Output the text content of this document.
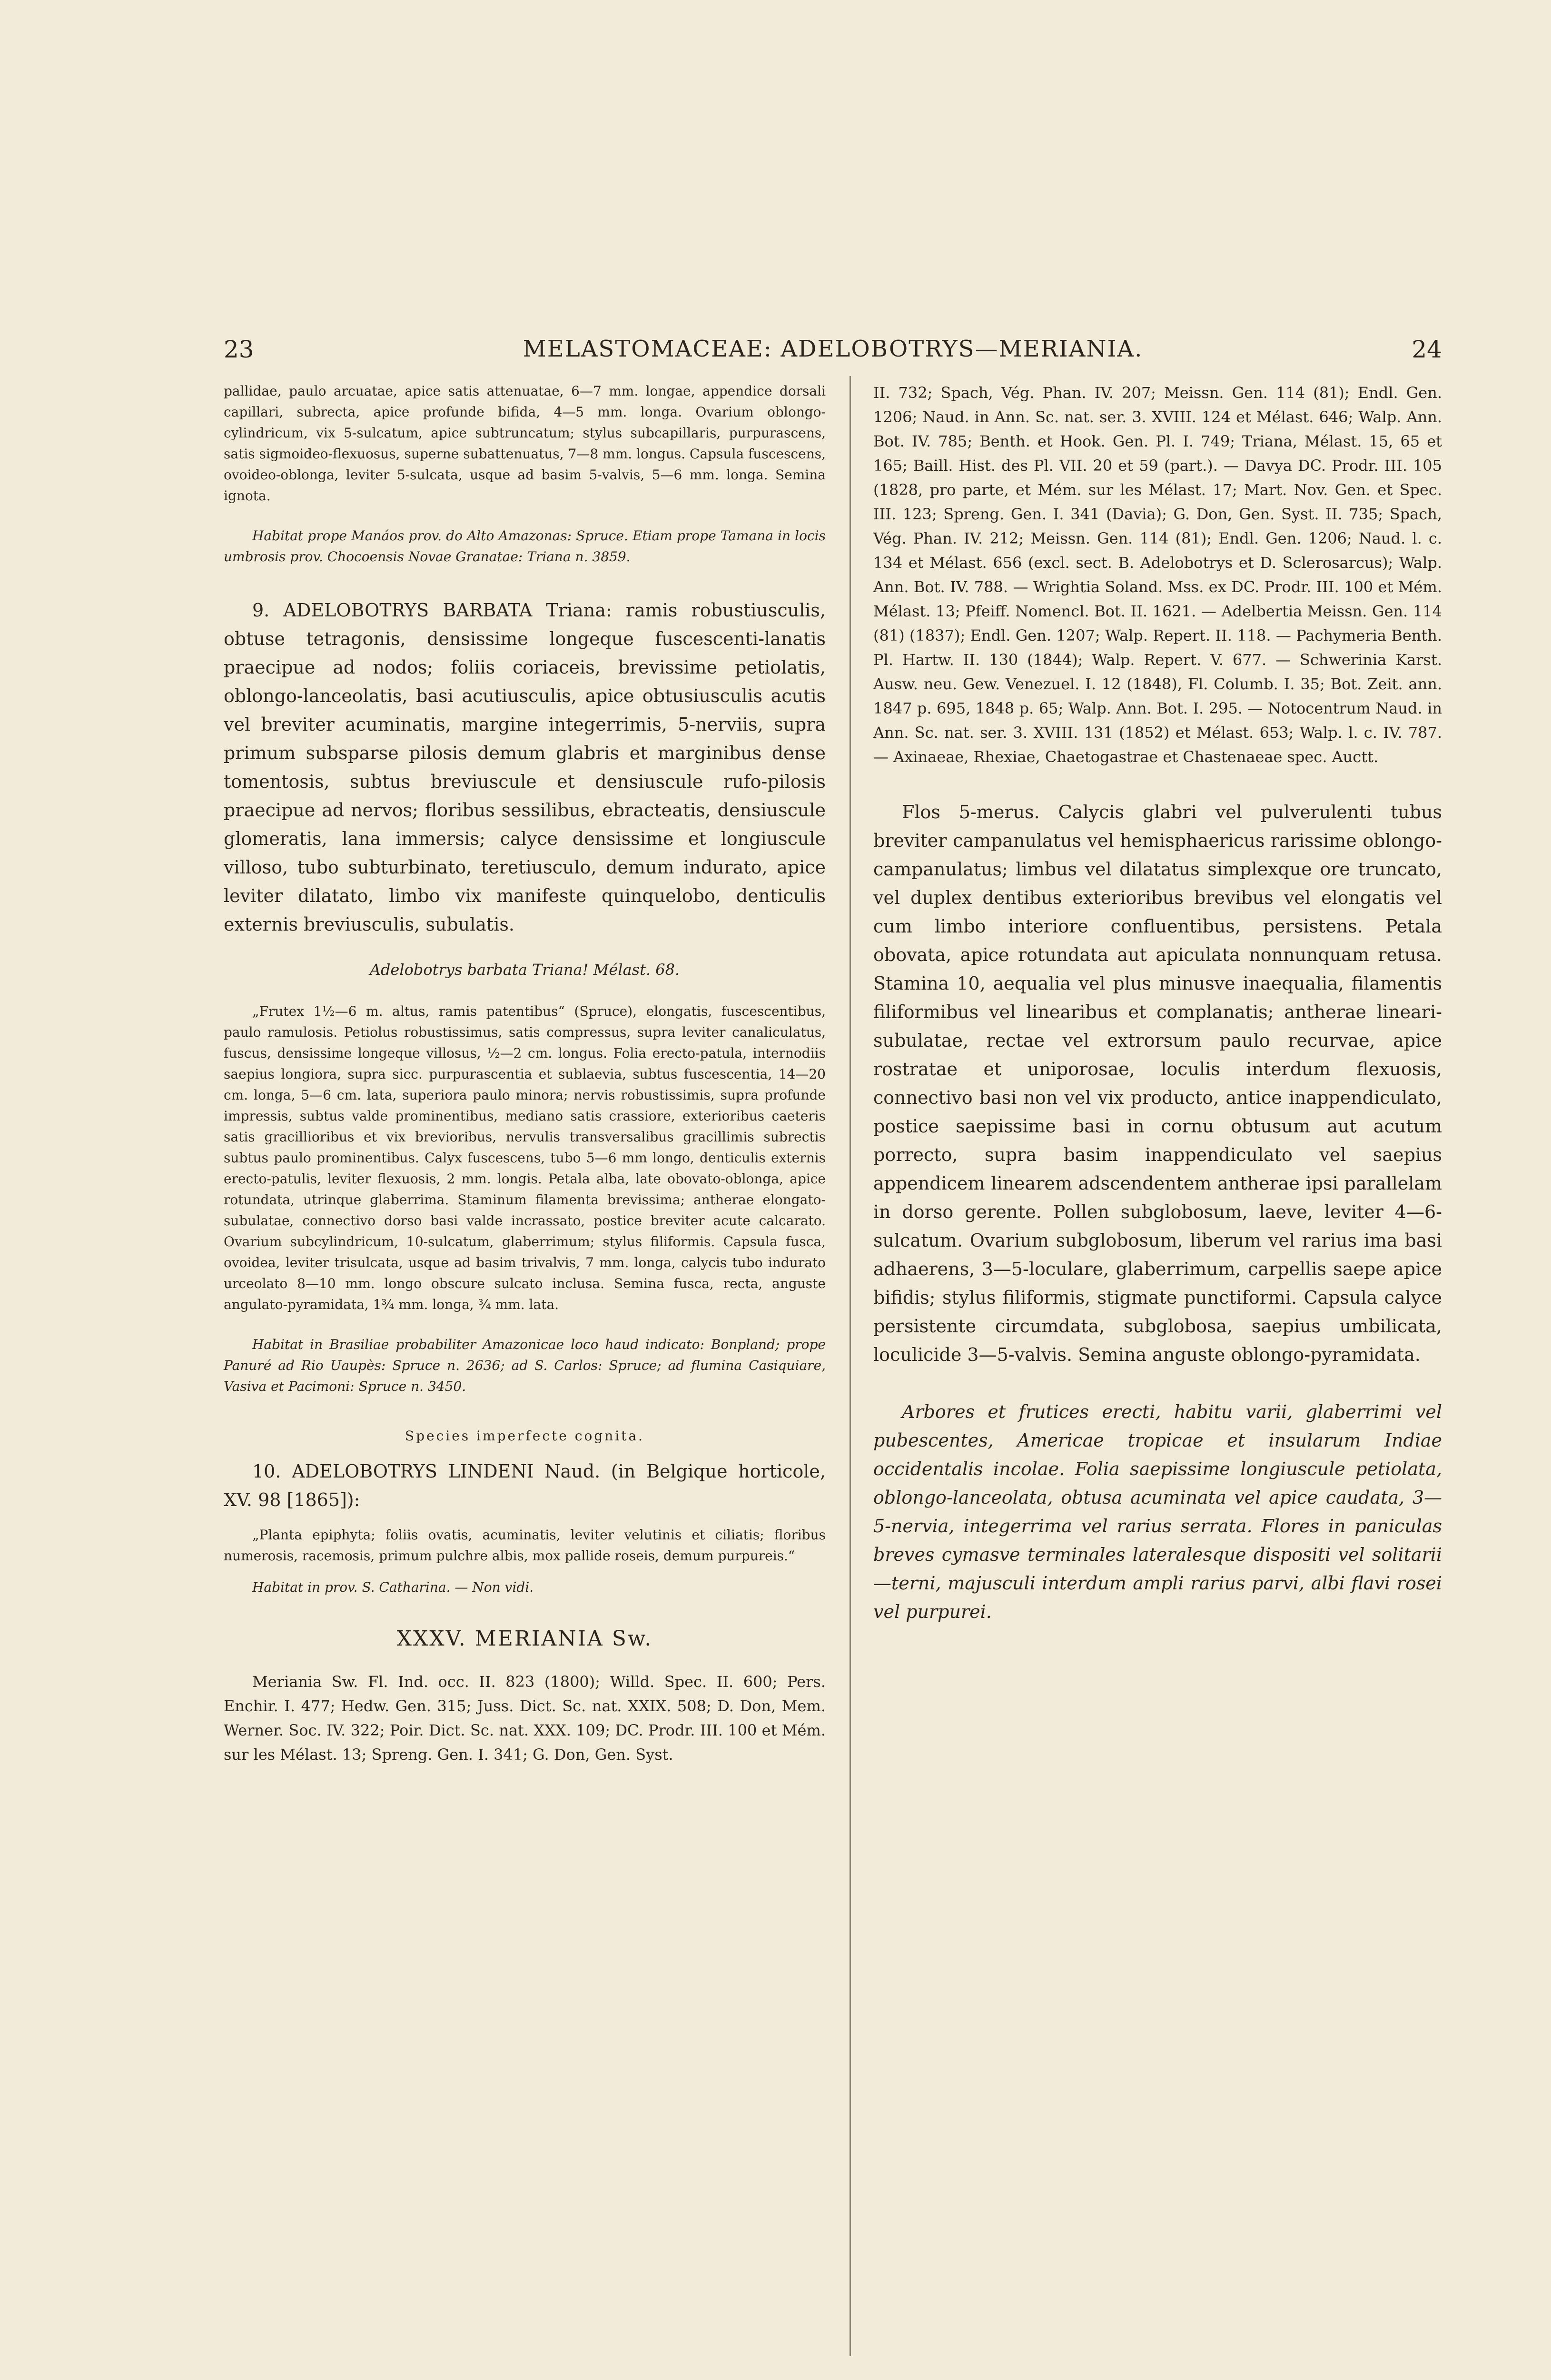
23	MELASTOMACEAE: ADELOBOTRYS—MERIANIA.	24

pallidae, paulo arcuatae, apice satis attenuatae, 6—7 mm. longae, appendice dorsali capillari, subrecta, apice profunde bifida, 4—5 mm. longa. Ovarium oblongo-cylindricum, vix 5-sulcatum, apice subtruncatum; stylus subcapillaris, purpurascens, satis sigmoideo-flexuosus, superne subattenuatus, 7—8 mm. longus. Capsula fuscescens, ovoideo-oblonga, leviter 5-sulcata, usque ad basim 5-valvis, 5—6 mm. longa. Semina ignota.

Habitat prope Manáos prov. do Alto Amazonas: Spruce. Etiam prope Tamana in locis umbrosis prov. Chocoensis Novae Granatae: Triana n. 3859.

9. ADELOBOTRYS BARBATA Triana: ramis robustiusculis, obtuse tetragonis, densissime longeque fuscescenti-lanatis praecipue ad nodos; foliis coriaceis, brevissime petiolatis, oblongo-lanceolatis, basi acutiusculis, apice obtusiusculis acutis vel breviter acuminatis, margine integerrimis, 5-nerviis, supra primum subsparse pilosis demum glabris et marginibus dense tomentosis, subtus breviuscule et densiuscule rufo-pilosis praecipue ad nervos; floribus sessilibus, ebracteatis, densiuscule glomeratis, lana immersis; calyce densissime et longiuscule villoso, tubo subturbinato, teretiusculo, demum indurato, apice leviter dilatato, limbo vix manifeste quinquelobo, denticulis externis breviusculis, subulatis.

Adelobotrys barbata Triana! Mélast. 68.

„Frutex 1½—6 m. altus, ramis patentibus“ (Spruce), elongatis, fuscescentibus, paulo ramulosis. Petiolus robustissimus, satis compressus, supra leviter canaliculatus, fuscus, densissime longeque villosus, ½—2 cm. longus. Folia erecto-patula, internodiis saepius longiora, supra sicc. purpurascentia et sublaevia, subtus fuscescentia, 14—20 cm. longa, 5—6 cm. lata, superiora paulo minora; nervis robustissimis, supra profunde impressis, subtus valde prominentibus, mediano satis crassiore, exterioribus caeteris satis gracillioribus et vix brevioribus, nervulis transversalibus gracillimis subrectis subtus paulo prominentibus. Calyx fuscescens, tubo 5—6 mm longo, denticulis externis erecto-patulis, leviter flexuosis, 2 mm. longis. Petala alba, late obovato-oblonga, apice rotundata, utrinque glaberrima. Staminum filamenta brevissima; antherae elongato-subulatae, connectivo dorso basi valde incrassato, postice breviter acute calcarato. Ovarium subcylindricum, 10-sulcatum, glaberrimum; stylus filiformis. Capsula fusca, ovoidea, leviter trisulcata, usque ad basim trivalvis, 7 mm. longa, calycis tubo indurato urceolato 8—10 mm. longo obscure sulcato inclusa. Semina fusca, recta, anguste angulato-pyramidata, 1¾ mm. longa, ¾ mm. lata.

Habitat in Brasiliae probabiliter Amazonicae loco haud indicato: Bonpland; prope Panuré ad Rio Uaupès: Spruce n. 2636; ad S. Carlos: Spruce; ad flumina Casiquiare, Vasiva et Pacimoni: Spruce n. 3450.

Species imperfecte cognita.

10. ADELOBOTRYS LINDENI Naud. (in Belgique horticole, XV. 98 [1865]):

„Planta epiphyta; foliis ovatis, acuminatis, leviter velutinis et ciliatis; floribus numerosis, racemosis, primum pulchre albis, mox pallide roseis, demum purpureis.“

Habitat in prov. S. Catharina. — Non vidi.

XXXV. MERIANIA Sw.

Meriania Sw. Fl. Ind. occ. II. 823 (1800); Willd. Spec. II. 600; Pers. Enchir. I. 477; Hedw. Gen. 315; Juss. Dict. Sc. nat. XXIX. 508; D. Don, Mem. Werner. Soc. IV. 322; Poir. Dict. Sc. nat. XXX. 109; DC. Prodr. III. 100 et Mém. sur les Mélast. 13; Spreng. Gen. I. 341; G. Don, Gen. Syst.

II. 732; Spach, Vég. Phan. IV. 207; Meissn. Gen. 114 (81); Endl. Gen. 1206; Naud. in Ann. Sc. nat. ser. 3. XVIII. 124 et Mélast. 646; Walp. Ann. Bot. IV. 785; Benth. et Hook. Gen. Pl. I. 749; Triana, Mélast. 15, 65 et 165; Baill. Hist. des Pl. VII. 20 et 59 (part.). — Davya DC. Prodr. III. 105 (1828, pro parte, et Mém. sur les Mélast. 17; Mart. Nov. Gen. et Spec. III. 123; Spreng. Gen. I. 341 (Davia); G. Don, Gen. Syst. II. 735; Spach, Vég. Phan. IV. 212; Meissn. Gen. 114 (81); Endl. Gen. 1206; Naud. l. c. 134 et Mélast. 656 (excl. sect. B. Adelobotrys et D. Sclerosarcus); Walp. Ann. Bot. IV. 788. — Wrightia Soland. Mss. ex DC. Prodr. III. 100 et Mém. Mélast. 13; Pfeiff. Nomencl. Bot. II. 1621. — Adelbertia Meissn. Gen. 114 (81) (1837); Endl. Gen. 1207; Walp. Repert. II. 118. — Pachymeria Benth. Pl. Hartw. II. 130 (1844); Walp. Repert. V. 677. — Schwerinia Karst. Ausw. neu. Gew. Venezuel. I. 12 (1848), Fl. Columb. I. 35; Bot. Zeit. ann. 1847 p. 695, 1848 p. 65; Walp. Ann. Bot. I. 295. — Notocentrum Naud. in Ann. Sc. nat. ser. 3. XVIII. 131 (1852) et Mélast. 653; Walp. l. c. IV. 787. — Axinaeae, Rhexiae, Chaetogastrae et Chastenaeae spec. Auctt.

Flos 5-merus. Calycis glabri vel pulverulenti tubus breviter campanulatus vel hemisphaericus rarissime oblongo-campanulatus; limbus vel dilatatus simplexque ore truncato, vel duplex dentibus exterioribus brevibus vel elongatis vel cum limbo interiore confluentibus, persistens. Petala obovata, apice rotundata aut apiculata nonnunquam retusa. Stamina 10, aequalia vel plus minusve inaequalia, filamentis filiformibus vel linearibus et complanatis; antherae lineari-subulatae, rectae vel extrorsum paulo recurvae, apice rostratae et uniporosae, loculis interdum flexuosis, connectivo basi non vel vix producto, antice inappendiculato, postice saepissime basi in cornu obtusum aut acutum porrecto, supra basim inappendiculato vel saepius appendicem linearem adscendentem antherae ipsi parallelam in dorso gerente. Pollen subglobosum, laeve, leviter 4—6-sulcatum. Ovarium subglobosum, liberum vel rarius ima basi adhaerens, 3—5-loculare, glaberrimum, carpellis saepe apice bifidis; stylus filiformis, stigmate punctiformi. Capsula calyce persistente circumdata, subglobosa, saepius umbilicata, loculicide 3—5-valvis. Semina anguste oblongo-pyramidata.

Arbores et frutices erecti, habitu varii, glaberrimi vel pubescentes, Americae tropicae et insularum Indiae occidentalis incolae. Folia saepissime longiuscule petiolata, oblongo-lanceolata, obtusa acuminata vel apice caudata, 3—5-nervia, integerrima vel rarius serrata. Flores in paniculas breves cymasve terminales lateralesque dispositi vel solitarii—terni, majusculi interdum ampli rarius parvi, albi flavi rosei vel purpurei.
